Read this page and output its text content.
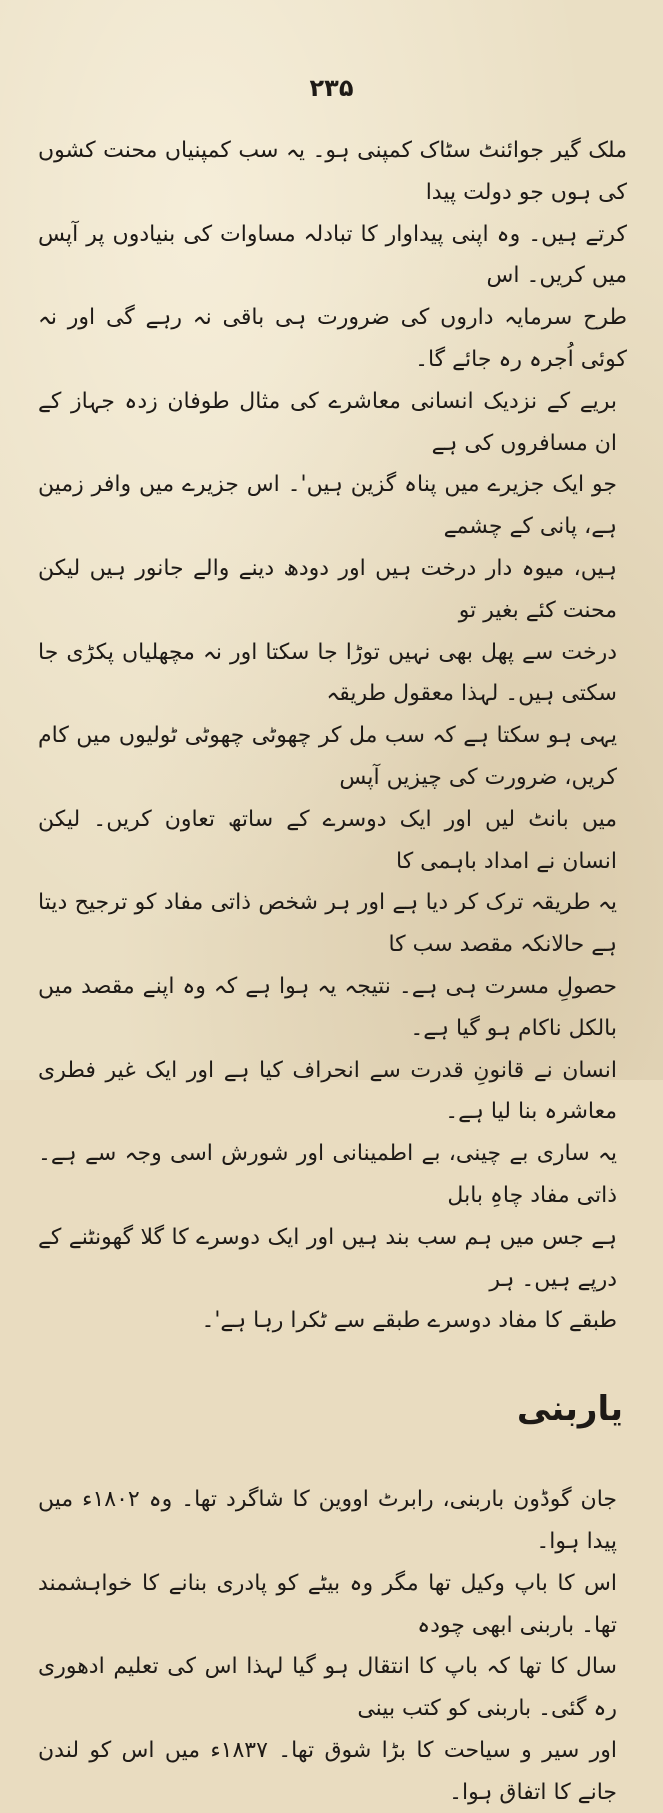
۲۳۵

ملک گیر جوائنٹ سٹاک کمپنی ہو۔ یہ سب کمپنیاں محنت کشوں کی ہوں جو دولت پیدا
کرتے ہیں۔ وہ اپنی پیداوار کا تبادلہ مساوات کی بنیادوں پر آپس میں کریں۔ اس
طرح سرمایہ داروں کی ضرورت ہی باقی نہ رہے گی اور نہ کوئی اُجرہ رہ جائے گا۔

بریے کے نزدیک انسانی معاشرے کی مثال طوفان زدہ جہاز کے ان مسافروں کی ہے
جو ایک جزیرے میں پناہ گزین ہیں'۔ اس جزیرے میں وافر زمین ہے، پانی کے چشمے
ہیں، میوہ دار درخت ہیں اور دودھ دینے والے جانور ہیں لیکن محنت کئے بغیر تو
درخت سے پھل بھی نہیں توڑا جا سکتا اور نہ مچھلیاں پکڑی جا سکتی ہیں۔ لہذا معقول طریقہ
یہی ہو سکتا ہے کہ سب مل کر چھوٹی چھوٹی ٹولیوں میں کام کریں، ضرورت کی چیزیں آپس
میں بانٹ لیں اور ایک دوسرے کے ساتھ تعاون کریں۔ لیکن انسان نے امداد باہمی کا
یہ طریقہ ترک کر دیا ہے اور ہر شخص ذاتی مفاد کو ترجیح دیتا ہے حالانکہ مقصد سب کا
حصولِ مسرت ہی ہے۔ نتیجہ یہ ہوا ہے کہ وہ اپنے مقصد میں بالکل ناکام ہو گیا ہے۔
انسان نے قانونِ قدرت سے انحراف کیا ہے اور ایک غیر فطری معاشرہ بنا لیا ہے۔

یہ ساری بے چینی، بے اطمینانی اور شورش اسی وجہ سے ہے۔ ذاتی مفاد چاہِ بابل
ہے جس میں ہم سب بند ہیں اور ایک دوسرے کا گلا گھونٹنے کے درپے ہیں۔ ہر
طبقے کا مفاد دوسرے طبقے سے ٹکرا رہا ہے'۔

یاربنی

جان گوڈون باربنی، رابرٹ اووین کا شاگرد تھا۔ وہ ۱۸۰۲ء میں پیدا ہوا۔
اس کا باپ وکیل تھا مگر وہ بیٹے کو پادری بنانے کا خواہشمند تھا۔ باربنی ابھی چودہ
سال کا تھا کہ باپ کا انتقال ہو گیا لہذا اس کی تعلیم ادھوری رہ گئی۔ باربنی کو کتب بینی
اور سیر و سیاحت کا بڑا شوق تھا۔ ۱۸۳۷ء میں اس کو لندن جانے کا اتفاق ہوا۔
